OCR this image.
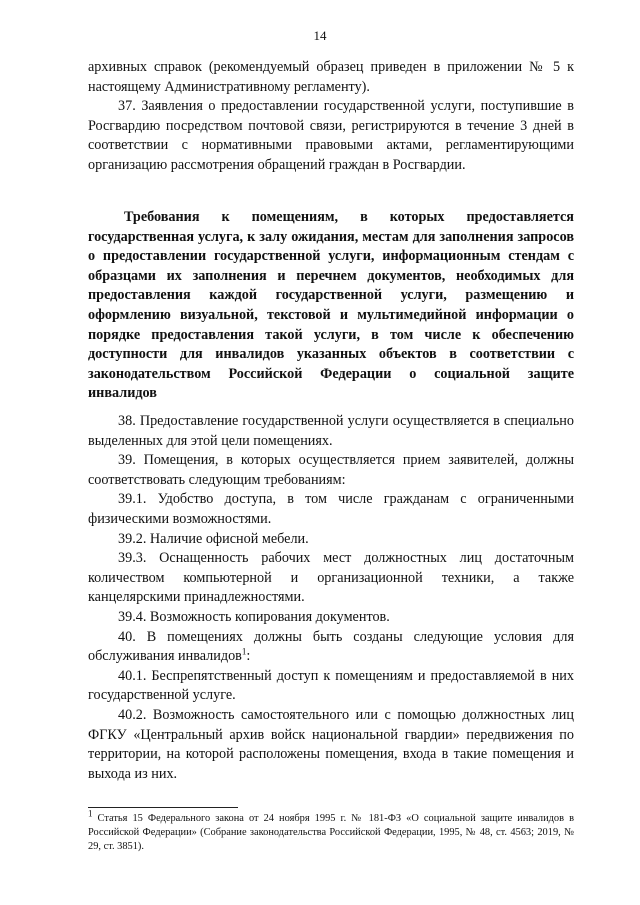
14

архивных справок (рекомендуемый образец приведен в приложении № 5 к настоящему Административному регламенту).

37. Заявления о предоставлении государственной услуги, поступившие в Росгвардию посредством почтовой связи, регистрируются в течение 3 дней в соответствии с нормативными правовыми актами, регламентирующими организацию рассмотрения обращений граждан в Росгвардии.

Требования к помещениям, в которых предоставляется государственная услуга, к залу ожидания, местам для заполнения запросов о предоставлении государственной услуги, информационным стендам с образцами их заполнения и перечнем документов, необходимых для предоставления каждой государственной услуги, размещению и оформлению визуальной, текстовой и мультимедийной информации о порядке предоставления такой услуги, в том числе к обеспечению доступности для инвалидов указанных объектов в соответствии с законодательством Российской Федерации о социальной защите инвалидов

38. Предоставление государственной услуги осуществляется в специально выделенных для этой цели помещениях.

39. Помещения, в которых осуществляется прием заявителей, должны соответствовать следующим требованиям:

39.1. Удобство доступа, в том числе гражданам с ограниченными физическими возможностями.

39.2. Наличие офисной мебели.

39.3. Оснащенность рабочих мест должностных лиц достаточным количеством компьютерной и организационной техники, а также канцелярскими принадлежностями.

39.4. Возможность копирования документов.

40. В помещениях должны быть созданы следующие условия для обслуживания инвалидов$^1$:

40.1. Беспрепятственный доступ к помещениям и предоставляемой в них государственной услуге.

40.2. Возможность самостоятельного или с помощью должностных лиц ФГКУ «Центральный архив войск национальной гвардии» передвижения по территории, на которой расположены помещения, входа в такие помещения и выхода из них.

$^1$ Статья 15 Федерального закона от 24 ноября 1995 г. № 181-ФЗ «О социальной защите инвалидов в Российской Федерации» (Собрание законодательства Российской Федерации, 1995, № 48, ст. 4563; 2019, № 29, ст. 3851).
